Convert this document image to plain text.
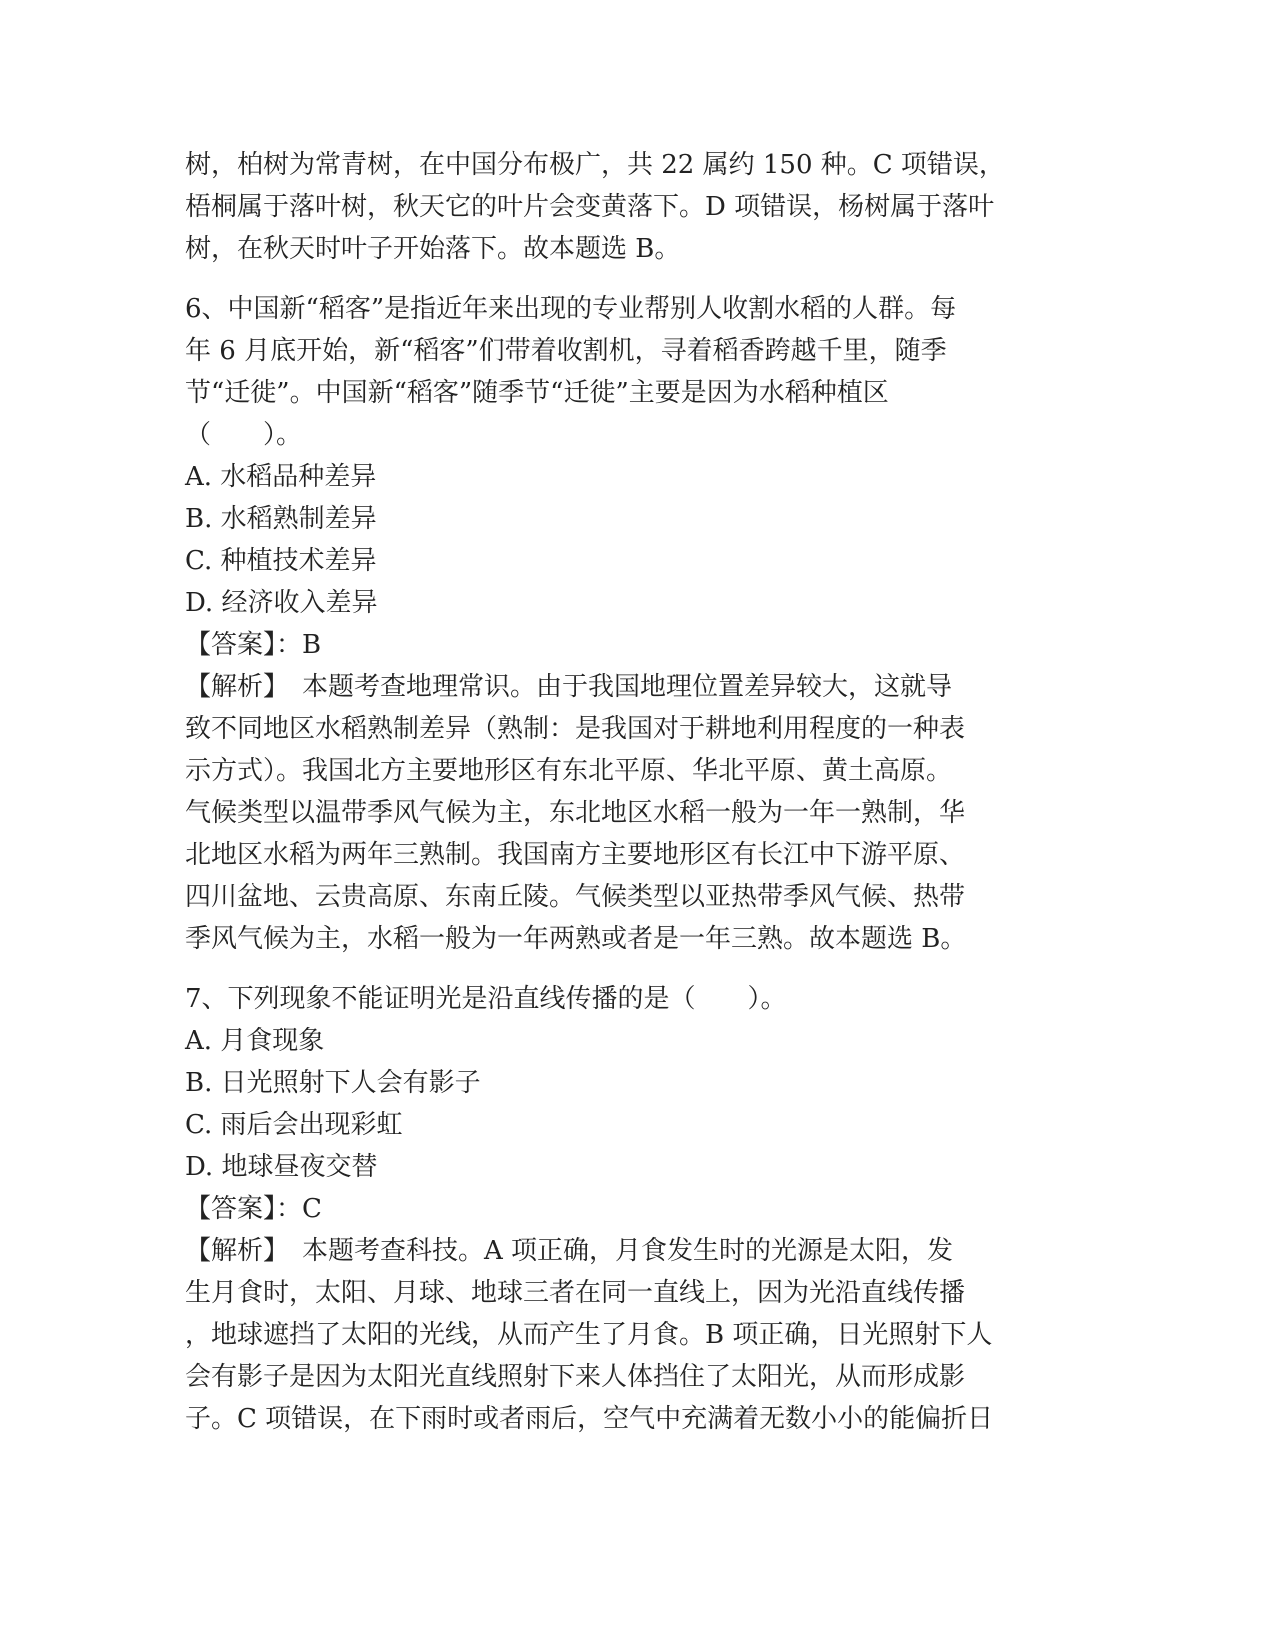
树，柏树为常青树，在中国分布极广，共 22 属约 150 种。C 项错误，
梧桐属于落叶树，秋天它的叶片会变黄落下。D 项错误，杨树属于落叶
树，在秋天时叶子开始落下。故本题选 B。
6、中国新“稻客”是指近年来出现的专业帮别人收割水稻的人群。每
年 6 月底开始，新“稻客”们带着收割机，寻着稻香跨越千里，随季
节“迁徙”。中国新“稻客”随季节“迁徙”主要是因为水稻种植区
（　　）。
A. 水稻品种差异
B. 水稻熟制差异
C. 种植技术差异
D. 经济收入差异
【答案】：B
【解析】　本题考查地理常识。由于我国地理位置差异较大，这就导
致不同地区水稻熟制差异（熟制：是我国对于耕地利用程度的一种表
示方式）。我国北方主要地形区有东北平原、华北平原、黄土高原。
气候类型以温带季风气候为主，东北地区水稻一般为一年一熟制，华
北地区水稻为两年三熟制。我国南方主要地形区有长江中下游平原、
四川盆地、云贵高原、东南丘陵。气候类型以亚热带季风气候、热带
季风气候为主，水稻一般为一年两熟或者是一年三熟。故本题选 B。
7、下列现象不能证明光是沿直线传播的是（　　）。
A. 月食现象
B. 日光照射下人会有影子
C. 雨后会出现彩虹
D. 地球昼夜交替
【答案】：C
【解析】　本题考查科技。A 项正确，月食发生时的光源是太阳，发
生月食时，太阳、月球、地球三者在同一直线上，因为光沿直线传播
，地球遮挡了太阳的光线，从而产生了月食。B 项正确，日光照射下人
会有影子是因为太阳光直线照射下来人体挡住了太阳光，从而形成影
子。C 项错误，在下雨时或者雨后，空气中充满着无数小小的能偏折日
